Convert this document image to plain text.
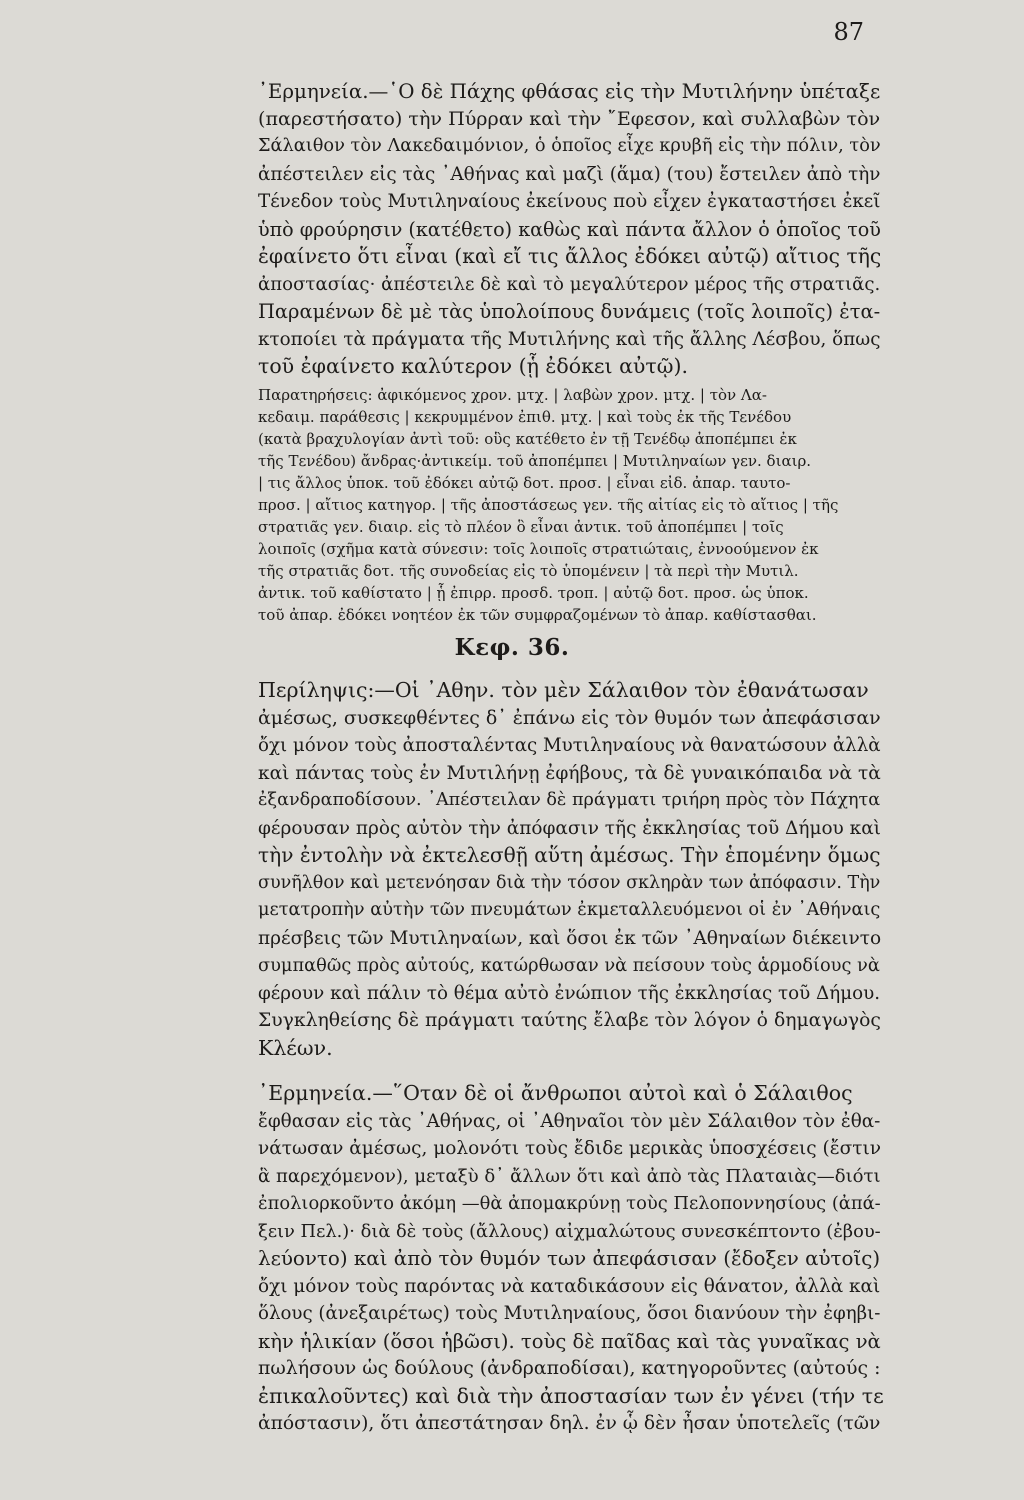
87
᾿Ερμηνεία.—῾Ο δὲ Πάχης φθάσας εἰς τὴν Μυτιλήνην ὑπέταξε
(παρεστήσατο) τὴν Πύρραν καὶ τὴν ῎Εφεσον, καὶ συλλαβὼν τὸν
Σάλαιθον τὸν Λακεδαιμόνιον, ὁ ὁποῖος εἶχε κρυβῆ εἰς τὴν πόλιν, τὸν
ἀπέστειλεν εἰς τὰς ᾿Αθήνας καὶ μαζὶ (ἅμα) (του) ἔστειλεν ἀπὸ τὴν
Τένεδον τοὺς Μυτιληναίους ἐκείνους ποὺ εἶχεν ἐγκαταστήσει ἐκεῖ
ὑπὸ φρούρησιν (κατέθετο) καθὼς καὶ πάντα ἄλλον ὁ ὁποῖος τοῦ
ἐφαίνετο ὅτι εἶναι (καὶ εἴ τις ἄλλος ἐδόκει αὐτῷ) αἴτιος τῆς
ἀποστασίας· ἀπέστειλε δὲ καὶ τὸ μεγαλύτερον μέρος τῆς στρατιᾶς.
Παραμένων δὲ μὲ τὰς ὑπολοίπους δυνάμεις (τοῖς λοιποῖς) ἐτα-
κτοποίει τὰ πράγματα τῆς Μυτιλήνης καὶ τῆς ἄλλης Λέσβου, ὅπως
τοῦ ἐφαίνετο καλύτερον (ᾗ ἐδόκει αὐτῷ).
Παρατηρήσεις: ἀφικόμενος χρον. μτχ. | λαβὼν χρον. μτχ. | τὸν Λα-
κεδαιμ. παράθεσις | κεκρυμμένον ἐπιθ. μτχ. | καὶ τοὺς ἐκ τῆς Τενέδου
(κατὰ βραχυλογίαν ἀντὶ τοῦ: οὓς κατέθετο ἐν τῇ Τενέδῳ ἀποπέμπει ἐκ
τῆς Τενέδου) ἄνδρας·ἀντικείμ. τοῦ ἀποπέμπει | Μυτιληναίων γεν. διαιρ.
| τις ἄλλος ὑποκ. τοῦ ἐδόκει αὐτῷ δοτ. προσ. | εἶναι εἰδ. ἀπαρ. ταυτο-
προσ. | αἴτιος κατηγορ. | τῆς ἀποστάσεως γεν. τῆς αἰτίας εἰς τὸ αἴτιος | τῆς
στρατιᾶς γεν. διαιρ. εἰς τὸ πλέον ὃ εἶναι ἀντικ. τοῦ ἀποπέμπει | τοῖς
λοιποῖς (σχῆμα κατὰ σύνεσιν: τοῖς λοιποῖς στρατιώταις, ἐννοούμενον ἐκ
τῆς στρατιᾶς δοτ. τῆς συνοδείας εἰς τὸ ὑπομένειν | τὰ περὶ τὴν Μυτιλ.
ἀντικ. τοῦ καθίστατο | ᾗ ἐπιρρ. προσδ. τροπ. | αὐτῷ δοτ. προσ. ὡς ὑποκ.
τοῦ ἀπαρ. ἐδόκει νοητέον ἐκ τῶν συμφραζομένων τὸ ἀπαρ. καθίστασθαι.
Κεφ. 36.
Περίληψις:—Οἱ ᾿Αθην. τὸν μὲν Σάλαιθον τὸν ἐθανάτωσαν
ἀμέσως, συσκεφθέντες δ᾿ ἐπάνω εἰς τὸν θυμόν των ἀπεφάσισαν
ὄχι μόνον τοὺς ἀποσταλέντας Μυτιληναίους νὰ θανατώσουν ἀλλὰ
καὶ πάντας τοὺς ἐν Μυτιλήνῃ ἐφήβους, τὰ δὲ γυναικόπαιδα νὰ τὰ
ἐξανδραποδίσουν. ᾿Απέστειλαν δὲ πράγματι τριήρη πρὸς τὸν Πάχητα
φέρουσαν πρὸς αὐτὸν τὴν ἀπόφασιν τῆς ἐκκλησίας τοῦ Δήμου καὶ
τὴν ἐντολὴν νὰ ἐκτελεσθῇ αὕτη ἀμέσως. Τὴν ἑπομένην ὅμως
συνῆλθον καὶ μετενόησαν διὰ τὴν τόσον σκληρὰν των ἀπόφασιν. Τὴν
μετατροπὴν αὐτὴν τῶν πνευμάτων ἐκμεταλλευόμενοι οἱ ἐν ᾿Αθήναις
πρέσβεις τῶν Μυτιληναίων, καὶ ὅσοι ἐκ τῶν ᾿Αθηναίων διέκειντο
συμπαθῶς πρὸς αὐτούς, κατώρθωσαν νὰ πείσουν τοὺς ἁρμοδίους νὰ
φέρουν καὶ πάλιν τὸ θέμα αὐτὸ ἐνώπιον τῆς ἐκκλησίας τοῦ Δήμου.
Συγκληθείσης δὲ πράγματι ταύτης ἔλαβε τὸν λόγον ὁ δημαγωγὸς
Κλέων.
᾿Ερμηνεία.—῞Οταν δὲ οἱ ἄνθρωποι αὐτοὶ καὶ ὁ Σάλαιθος
ἔφθασαν εἰς τὰς ᾿Αθήνας, οἱ ᾿Αθηναῖοι τὸν μὲν Σάλαιθον τὸν ἐθα-
νάτωσαν ἀμέσως, μολονότι τοὺς ἔδιδε μερικὰς ὑποσχέσεις (ἔστιν
ἃ παρεχόμενον), μεταξὺ δ᾿ ἄλλων ὅτι καὶ ἀπὸ τὰς Πλαταιὰς—διότι
ἐπολιορκοῦντο ἀκόμη —θὰ ἀπομακρύνῃ τοὺς Πελοποννησίους (ἀπά-
ξειν Πελ.)· διὰ δὲ τοὺς (ἄλλους) αἰχμαλώτους συνεσκέπτοντο (ἐβου-
λεύοντο) καὶ ἀπὸ τὸν θυμόν των ἀπεφάσισαν (ἔδοξεν αὐτοῖς)
ὄχι μόνον τοὺς παρόντας νὰ καταδικάσουν εἰς θάνατον, ἀλλὰ καὶ
ὅλους (ἀνεξαιρέτως) τοὺς Μυτιληναίους, ὅσοι διανύουν τὴν ἐφηβι-
κὴν ἡλικίαν (ὅσοι ἡβῶσι). τοὺς δὲ παῖδας καὶ τὰς γυναῖκας νὰ
πωλήσουν ὡς δούλους (ἀνδραποδίσαι), κατηγοροῦντες (αὐτούς :
ἐπικαλοῦντες) καὶ διὰ τὴν ἀποστασίαν των ἐν γένει (τήν τε
ἀπόστασιν), ὅτι ἀπεστάτησαν δηλ. ἐν ᾧ δὲν ἦσαν ὑποτελεῖς (τῶν
